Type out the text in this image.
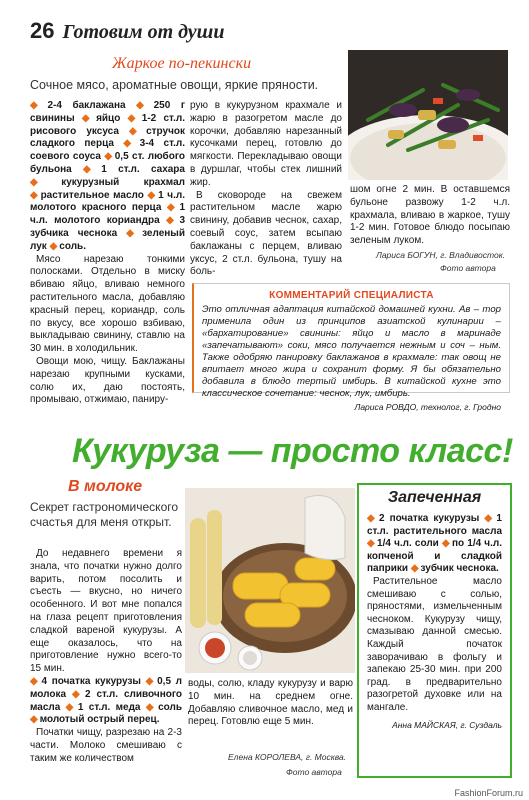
26 Готовим от души
Жаркое по-пекински
Сочное мясо, ароматные овощи, яркие пряности.
◆ 2-4 баклажана ◆ 250 г свинины ◆ яйцо ◆ 1-2 ст.л. рисового уксуса ◆ стручок сладкого перца ◆ 3-4 ст.л. соевого соуса ◆ 0,5 ст. любого бульона ◆ 1 ст.л. сахара ◆ кукурузный крахмал ◆ растительное масло ◆ 1 ч.л. молотого красного перца ◆ 1 ч.л. молотого кориандра ◆ 3 зубчика чеснока ◆ зеленый лук ◆ соль.

Мясо нарезаю тонкими полосками. Отдельно в миску вбиваю яйцо, вливаю немного растительного масла, добавляю красный перец, кориандр, соль по вкусу, все хорошо взбиваю, выкладываю свинину, ставлю на 30 мин. в холодильник.

Овощи мою, чищу. Баклажаны нарезаю крупными кусками, солю их, даю постоять, промываю, отжимаю, паниру-

рую в кукурузном крахмале и жарю в разогретом масле до корочки, добавляю нарезанный кусочками перец, готовлю до мягкости. Перекладываю овощи в дуршлаг, чтобы стек лишний жир.

В сковороде на свежем растительном масле жарю свинину, добавив чеснок, сахар, соевый соус, затем всыпаю баклажаны с перцем, вливаю уксус, 2 ст.л. бульона, тушу на боль-

шом огне 2 мин. В оставшемся бульоне развожу 1-2 ч.л. крахмала, вливаю в жаркое, тушу 1-2 мин. Готовое блюдо посыпаю зеленым луком.

Лариса БОГУН, г. Владивосток.
Фото автора
КОММЕНТАРИЙ СПЕЦИАЛИСТА
Это отличная адаптация китайской домашней кухни. Ав – тор применила один из принципов азиатской кулинарии – «бархатирование» свинины: яйцо и масло в маринаде «запечатывают» соки, мясо получается нежным и соч – ным. Также одобряю панировку баклажанов в крахмале: так овощ не впитает много жира и сохранит форму. Я бы обязательно добавила в блюдо тертый имбирь. В китайской кухне это классическое сочетание: чеснок, лук, имбирь.
Лариса РОВДО, технолог, г. Гродно
Кукуруза — просто класс!
В молоке
Секрет гастрономического счастья для меня открыт.

До недавнего времени я знала, что початки нужно долго варить, потом посолить и съесть — вкусно, но ничего особенного. И вот мне попался на глаза рецепт приготовления сладкой вареной кукурузы. А еще оказалось, что на приготовление нужно всего-то 15 мин.

◆ 4 початка кукурузы ◆ 0,5 л молока ◆ 2 ст.л. сливочного масла ◆ 1 ст.л. меда ◆ соль ◆ молотый острый перец.

Початки чищу, разрезаю на 2-3 части. Молоко смешиваю с таким же количеством

воды, солю, кладу кукурузу и варю 10 мин. на среднем огне. Добавляю сливочное масло, мед и перец. Готовлю еще 5 мин.

Елена КОРОЛЕВА, г. Москва.
Фото автора
Запеченная
◆ 2 початка кукурузы ◆ 1 ст.л. растительного масла ◆ 1/4 ч.л. соли ◆ по 1/4 ч.л. копченой и сладкой паприки ◆ зубчик чеснока.

Растительное масло смешиваю с солью, пряностями, измельченным чесноком. Кукурузу чищу, смазываю данной смесью. Каждый початок заворачиваю в фольгу и запекаю 25-30 мин. при 200 град. в предварительно разогретой духовке или на мангале.

Анна МАЙСКАЯ, г. Суздаль

FashionForum.ru
